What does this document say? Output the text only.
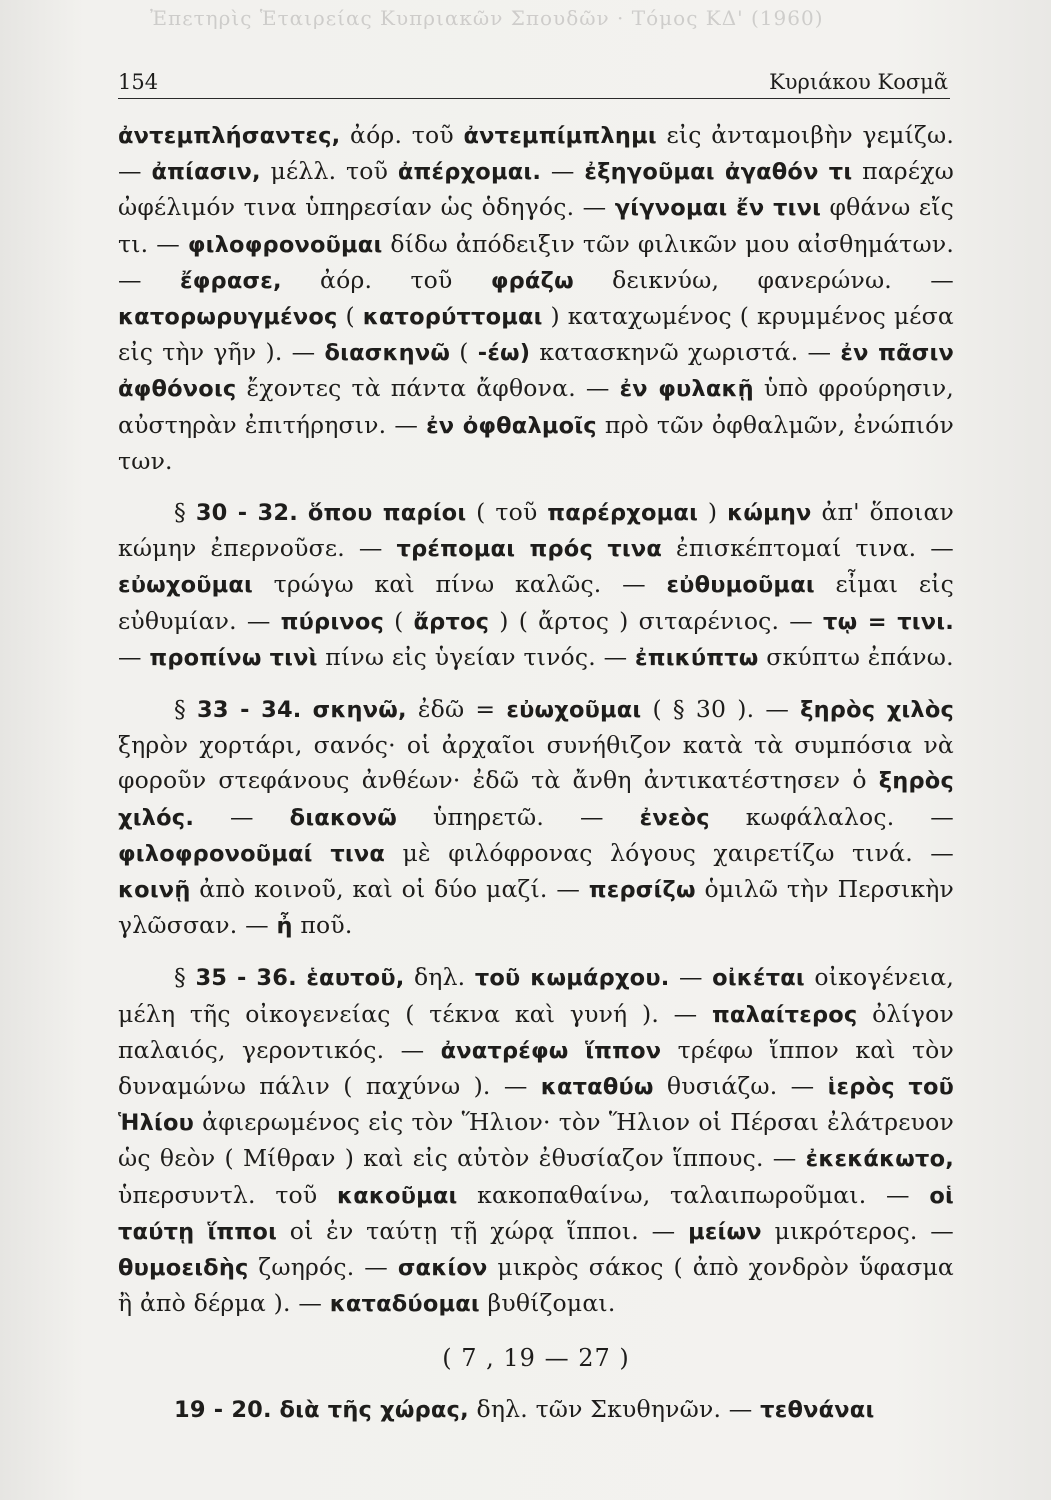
Ἐπετηρὶς Ἑταιρείας Κυπριακῶν Σπουδῶν · Τόμος ΚΔ' (1960)
154	Κυριάκου Κοσμᾶ

ἀντεμπλήσαντες, ἀόρ. τοῦ ἀντεμπίμπλημι εἰς ἀνταμοιβὴν γεμίζω. — ἀπίασιν, μέλλ. τοῦ ἀπέρχομαι. — ἐξηγοῦμαι ἀγαθόν τι παρέχω ὠφέλιμόν τινα ὑπηρεσίαν ὡς ὁδηγός. — γίγνομαι ἔν τινι φθάνω εἴς τι. — φιλοφρονοῦμαι δίδω ἀπόδειξιν τῶν φιλικῶν μου αἰσθημάτων. — ἔφρασε, ἀόρ. τοῦ φράζω δεικνύω, φανερώνω. — κατορωρυγμένος ( κατορύττομαι ) καταχωμένος ( κρυμμένος μέσα εἰς τὴν γῆν ). — διασκηνῶ ( -έω) κατασκηνῶ χωριστά. — ἐν πᾶσιν ἀφθόνοις ἔχοντες τὰ πάντα ἄφθονα. — ἐν φυλακῇ ὑπὸ φρούρησιν, αὐστηρὰν ἐπιτήρησιν. — ἐν ὀφθαλμοῖς πρὸ τῶν ὀφθαλμῶν, ἐνώπιόν των.

§ 30 - 32. ὅπου παρίοι ( τοῦ παρέρχομαι ) κώμην ἀπ' ὅποιαν κώμην ἐπερνοῦσε. — τρέπομαι πρός τινα ἐπισκέπτομαί τινα. — εὐωχοῦμαι τρώγω καὶ πίνω καλῶς. — εὐθυμοῦμαι εἶμαι εἰς εὐθυμίαν. — πύρινος ( ἄρτος ) ( ἄρτος ) σιταρένιος. — τῳ = τινι. — προπίνω τινὶ πίνω εἰς ὑγείαν τινός. — ἐπικύπτω σκύπτω ἐπάνω.

§ 33 - 34. σκηνῶ, ἐδῶ = εὐωχοῦμαι ( § 30 ). — ξηρὸς χιλὸς ξηρὸν χορτάρι, σανός· οἱ ἀρχαῖοι συνήθιζον κατὰ τὰ συμπόσια νὰ φοροῦν στεφάνους ἀνθέων· ἐδῶ τὰ ἄνθη ἀντικατέστησεν ὁ ξηρὸς χιλός. — διακονῶ ὑπηρετῶ. — ἐνεὸς κωφάλαλος. — φιλοφρονοῦμαί τινα μὲ φιλόφρονας λόγους χαιρετίζω τινά. — κοινῇ ἀπὸ κοινοῦ, καὶ οἱ δύο μαζί. — περσίζω ὁμιλῶ τὴν Περσικὴν γλῶσσαν. — ἦ ποῦ.

§ 35 - 36. ἑαυτοῦ, δηλ. τοῦ κωμάρχου. — οἰκέται οἰκογένεια, μέλη τῆς οἰκογενείας ( τέκνα καὶ γυνή ). — παλαίτερος ὀλίγον παλαιός, γεροντικός. — ἀνατρέφω ἵππον τρέφω ἵππον καὶ τὸν δυναμώνω πάλιν ( παχύνω ). — καταθύω θυσιάζω. — ἱερὸς τοῦ Ἡλίου ἀφιερωμένος εἰς τὸν Ἥλιον· τὸν Ἥλιον οἱ Πέρσαι ἐλάτρευον ὡς θεὸν ( Μίθραν ) καὶ εἰς αὐτὸν ἐθυσίαζον ἵππους. — ἐκεκάκωτο, ὑπερσυντλ. τοῦ κακοῦμαι κακοπαθαίνω, ταλαιπωροῦμαι. — οἱ ταύτῃ ἵπποι οἱ ἐν ταύτῃ τῇ χώρᾳ ἵπποι. — μείων μικρότερος. — θυμοειδὴς ζωηρός. — σακίον μικρὸς σάκος ( ἀπὸ χονδρὸν ὕφασμα ἢ ἀπὸ δέρμα ). — καταδύομαι βυθίζομαι.

( 7 , 19 — 27 )

19 - 20. διὰ τῆς χώρας, δηλ. τῶν Σκυθηνῶν. — τεθνάναι
